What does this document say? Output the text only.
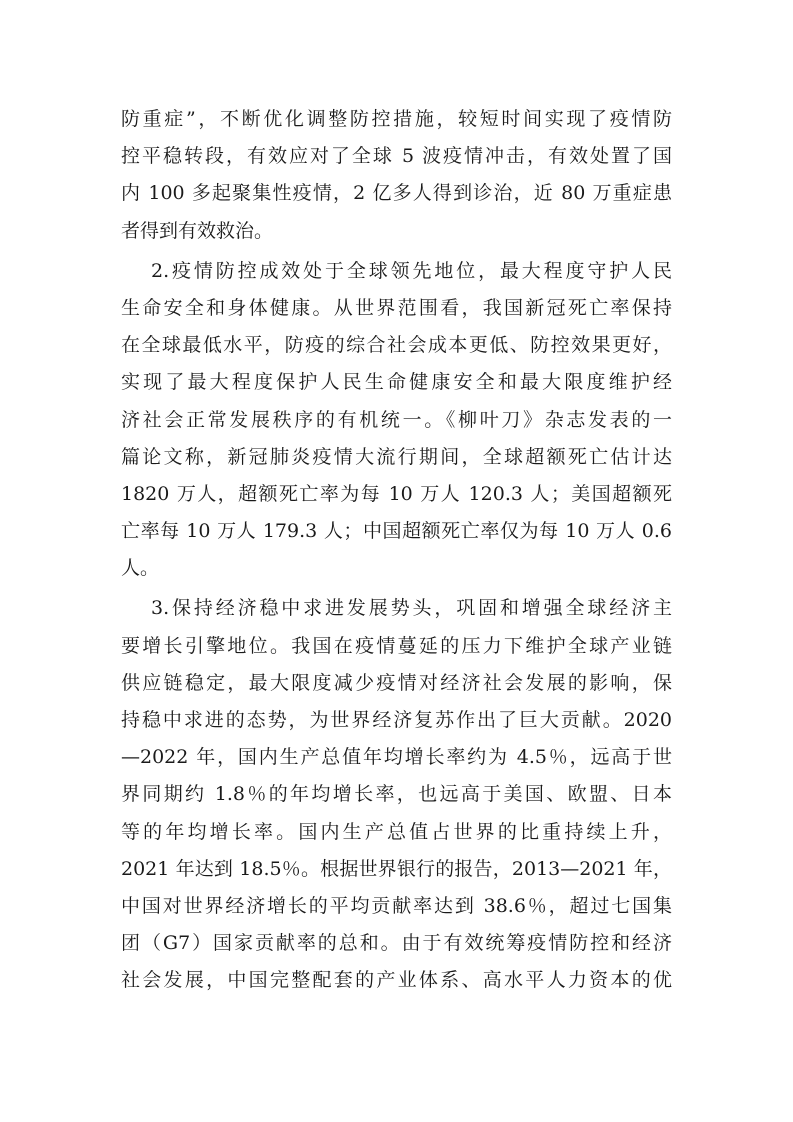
防重症”，不断优化调整防控措施，较短时间实现了疫情防
控平稳转段，有效应对了全球 5 波疫情冲击，有效处置了国
内 100 多起聚集性疫情，2 亿多人得到诊治，近 80 万重症患
者得到有效救治。
2.疫情防控成效处于全球领先地位，最大程度守护人民
生命安全和身体健康。从世界范围看，我国新冠死亡率保持
在全球最低水平，防疫的综合社会成本更低、防控效果更好，
实现了最大程度保护人民生命健康安全和最大限度维护经
济社会正常发展秩序的有机统一。《柳叶刀》杂志发表的一
篇论文称，新冠肺炎疫情大流行期间，全球超额死亡估计达
1820 万人，超额死亡率为每 10 万人 120.3 人；美国超额死
亡率每 10 万人 179.3 人；中国超额死亡率仅为每 10 万人 0.6
人。
3.保持经济稳中求进发展势头，巩固和增强全球经济主
要增长引擎地位。我国在疫情蔓延的压力下维护全球产业链
供应链稳定，最大限度减少疫情对经济社会发展的影响，保
持稳中求进的态势，为世界经济复苏作出了巨大贡献。2020
—2022 年，国内生产总值年均增长率约为 4.5％，远高于世
界同期约 1.8％的年均增长率，也远高于美国、欧盟、日本
等的年均增长率。国内生产总值占世界的比重持续上升，
2021 年达到 18.5％。根据世界银行的报告，2013—2021 年，
中国对世界经济增长的平均贡献率达到 38.6％，超过七国集
团（G7）国家贡献率的总和。由于有效统筹疫情防控和经济
社会发展，中国完整配套的产业体系、高水平人力资本的优
